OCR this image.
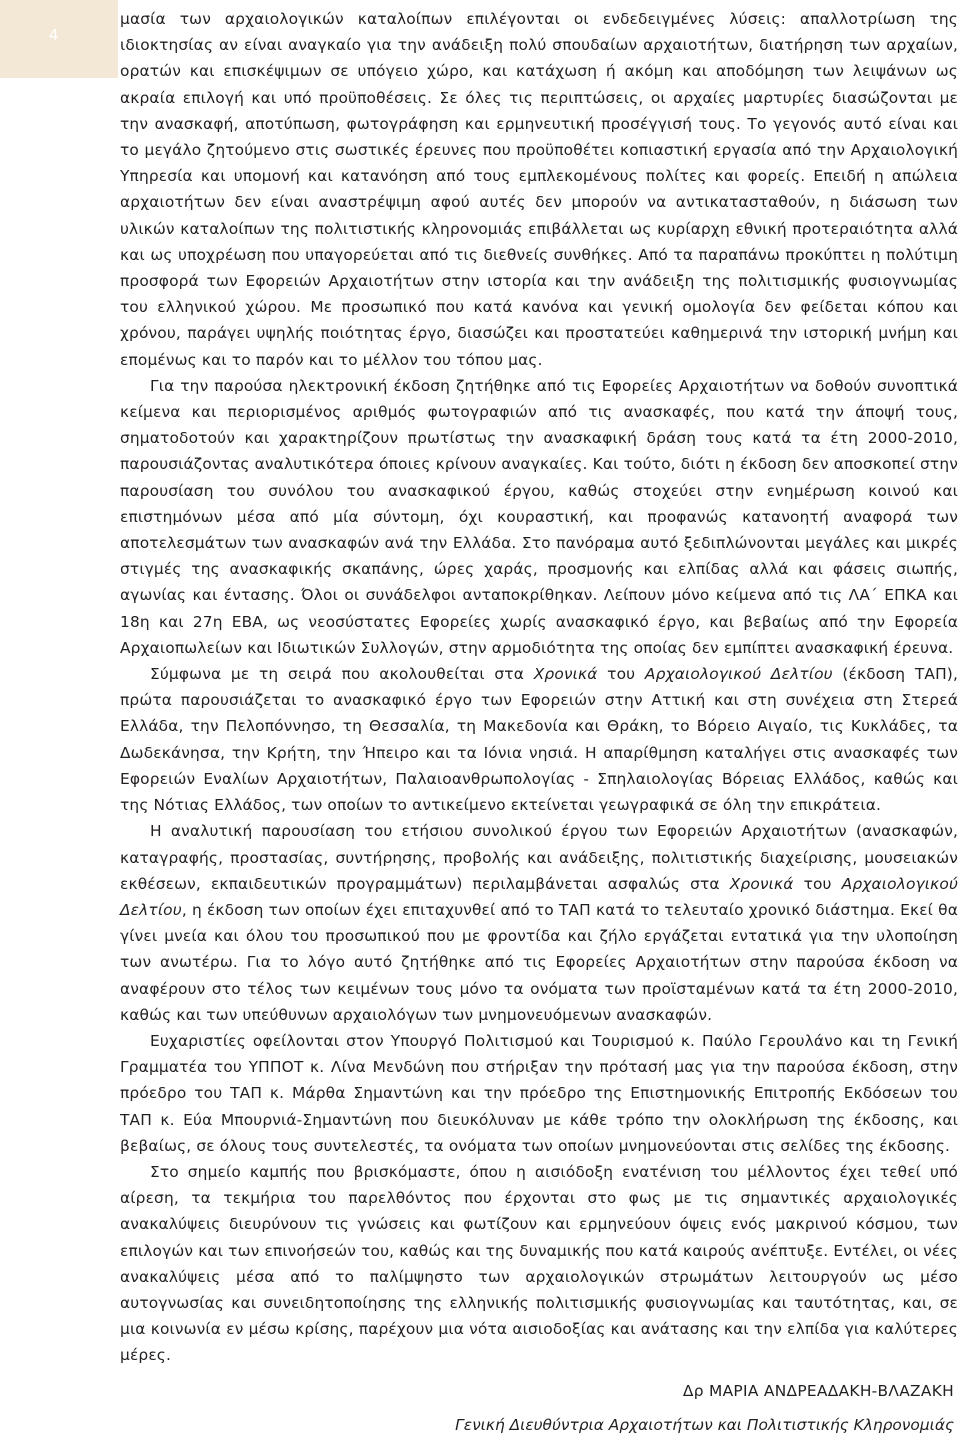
4

μασία των αρχαιολογικών καταλοίπων επιλέγονται οι ενδεδειγμένες λύσεις: απαλλοτρίωση της ιδιοκτησίας αν είναι αναγκαίο για την ανάδειξη πολύ σπουδαίων αρχαιοτήτων, διατήρηση των αρχαίων, ορατών και επισκέψιμων σε υπόγειο χώρο, και κατάχωση ή ακόμη και αποδόμηση των λειψάνων ως ακραία επιλογή και υπό προϋποθέσεις. Σε όλες τις περιπτώσεις, οι αρχαίες μαρτυρίες διασώζονται με την ανασκαφή, αποτύπωση, φωτογράφηση και ερμηνευτική προσέγγισή τους. Το γεγονός αυτό είναι και το μεγάλο ζητούμενο στις σωστικές έρευνες που προϋποθέτει κοπιαστική εργασία από την Αρχαιολογική Υπηρεσία και υπομονή και κατανόηση από τους εμπλεκομένους πολίτες και φορείς. Επειδή η απώλεια αρχαιοτήτων δεν είναι αναστρέψιμη αφού αυτές δεν μπορούν να αντικατασταθούν, η διάσωση των υλικών καταλοίπων της πολιτιστικής κληρονομιάς επιβάλλεται ως κυρίαρχη εθνική προτεραιότητα αλλά και ως υποχρέωση που υπαγορεύεται από τις διεθνείς συνθήκες. Από τα παραπάνω προκύπτει η πολύτιμη προσφορά των Εφορειών Αρχαιοτήτων στην ιστορία και την ανάδειξη της πολιτισμικής φυσιογνωμίας του ελληνικού χώρου. Με προσωπικό που κατά κανόνα και γενική ομολογία δεν φείδεται κόπου και χρόνου, παράγει υψηλής ποιότητας έργο, διασώζει και προστατεύει καθημερινά την ιστορική μνήμη και επομένως και το παρόν και το μέλλον του τόπου μας.

Για την παρούσα ηλεκτρονική έκδοση ζητήθηκε από τις Εφορείες Αρχαιοτήτων να δοθούν συνοπτικά κείμενα και περιορισμένος αριθμός φωτογραφιών από τις ανασκαφές, που κατά την άποψή τους, σηματοδοτούν και χαρακτηρίζουν πρωτίστως την ανασκαφική δράση τους κατά τα έτη 2000-2010, παρουσιάζοντας αναλυτικότερα όποιες κρίνουν αναγκαίες. Και τούτο, διότι η έκδοση δεν αποσκοπεί στην παρουσίαση του συνόλου του ανασκαφικού έργου, καθώς στοχεύει στην ενημέρωση κοινού και επιστημόνων μέσα από μία σύντομη, όχι κουραστική, και προφανώς κατανοητή αναφορά των αποτελεσμάτων των ανασκαφών ανά την Ελλάδα. Στο πανόραμα αυτό ξεδιπλώνονται μεγάλες και μικρές στιγμές της ανασκαφικής σκαπάνης, ώρες χαράς, προσμονής και ελπίδας αλλά και φάσεις σιωπής, αγωνίας και έντασης. Όλοι οι συνάδελφοι ανταποκρίθηκαν. Λείπουν μόνο κείμενα από τις ΛΑ΄ ΕΠΚΑ και 18η και 27η ΕΒΑ, ως νεοσύστατες Εφορείες χωρίς ανασκαφικό έργο, και βεβαίως από την Εφορεία Αρχαιοπωλείων και Ιδιωτικών Συλλογών, στην αρμοδιότητα της οποίας δεν εμπίπτει ανασκαφική έρευνα.

Σύμφωνα με τη σειρά που ακολουθείται στα Χρονικά του Αρχαιολογικού Δελτίου (έκδοση ΤΑΠ), πρώτα παρουσιάζεται το ανασκαφικό έργο των Εφορειών στην Αττική και στη συνέχεια στη Στερεά Ελλάδα, την Πελοπόννησο, τη Θεσσαλία, τη Μακεδονία και Θράκη, το Βόρειο Αιγαίο, τις Κυκλάδες, τα Δωδεκάνησα, την Κρήτη, την Ήπειρο και τα Ιόνια νησιά. Η απαρίθμηση καταλήγει στις ανασκαφές των Εφορειών Εναλίων Αρχαιοτήτων, Παλαιοανθρωπολογίας - Σπηλαιολογίας Βόρειας Ελλάδος, καθώς και της Νότιας Ελλάδος, των οποίων το αντικείμενο εκτείνεται γεωγραφικά σε όλη την επικράτεια.

Η αναλυτική παρουσίαση του ετήσιου συνολικού έργου των Εφορειών Αρχαιοτήτων (ανασκαφών, καταγραφής, προστασίας, συντήρησης, προβολής και ανάδειξης, πολιτιστικής διαχείρισης, μουσειακών εκθέσεων, εκπαιδευτικών προγραμμάτων) περιλαμβάνεται ασφαλώς στα Χρονικά του Αρχαιολογικού Δελτίου, η έκδοση των οποίων έχει επιταχυνθεί από το ΤΑΠ κατά το τελευταίο χρονικό διάστημα. Εκεί θα γίνει μνεία και όλου του προσωπικού που με φροντίδα και ζήλο εργάζεται εντατικά για την υλοποίηση των ανωτέρω. Για το λόγο αυτό ζητήθηκε από τις Εφορείες Αρχαιοτήτων στην παρούσα έκδοση να αναφέρουν στο τέλος των κειμένων τους μόνο τα ονόματα των προϊσταμένων κατά τα έτη 2000-2010, καθώς και των υπεύθυνων αρχαιολόγων των μνημονευόμενων ανασκαφών.

Ευχαριστίες οφείλονται στον Υπουργό Πολιτισμού και Τουρισμού κ. Παύλο Γερουλάνο και τη Γενική Γραμματέα του ΥΠΠΟΤ κ. Λίνα Μενδώνη που στήριξαν την πρότασή μας για την παρούσα έκδοση, στην πρόεδρο του ΤΑΠ κ. Μάρθα Σημαντώνη και την πρόεδρο της Επιστημονικής Επιτροπής Εκδόσεων του ΤΑΠ κ. Εύα Μπουρνιά-Σημαντώνη που διευκόλυναν με κάθε τρόπο την ολοκλήρωση της έκδοσης, και βεβαίως, σε όλους τους συντελεστές, τα ονόματα των οποίων μνημονεύονται στις σελίδες της έκδοσης.

Στο σημείο καμπής που βρισκόμαστε, όπου η αισιόδοξη ενατένιση του μέλλοντος έχει τεθεί υπό αίρεση, τα τεκμήρια του παρελθόντος που έρχονται στο φως με τις σημαντικές αρχαιολογικές ανακαλύψεις διευρύνουν τις γνώσεις και φωτίζουν και ερμηνεύουν όψεις ενός μακρινού κόσμου, των επιλογών και των επινοήσεών του, καθώς και της δυναμικής που κατά καιρούς ανέπτυξε. Εντέλει, οι νέες ανακαλύψεις μέσα από το παλίμψηστο των αρχαιολογικών στρωμάτων λειτουργούν ως μέσο αυτογνωσίας και συνειδητοποίησης της ελληνικής πολιτισμικής φυσιογνωμίας και ταυτότητας, και, σε μια κοινωνία εν μέσω κρίσης, παρέχουν μια νότα αισιοδοξίας και ανάτασης και την ελπίδα για καλύτερες μέρες.

Δρ ΜΑΡΙΑ ΑΝΔΡΕΑΔΑΚΗ-ΒΛΑΖΑΚΗ
Γενική Διευθύντρια Αρχαιοτήτων και Πολιτιστικής Κληρονομιάς
